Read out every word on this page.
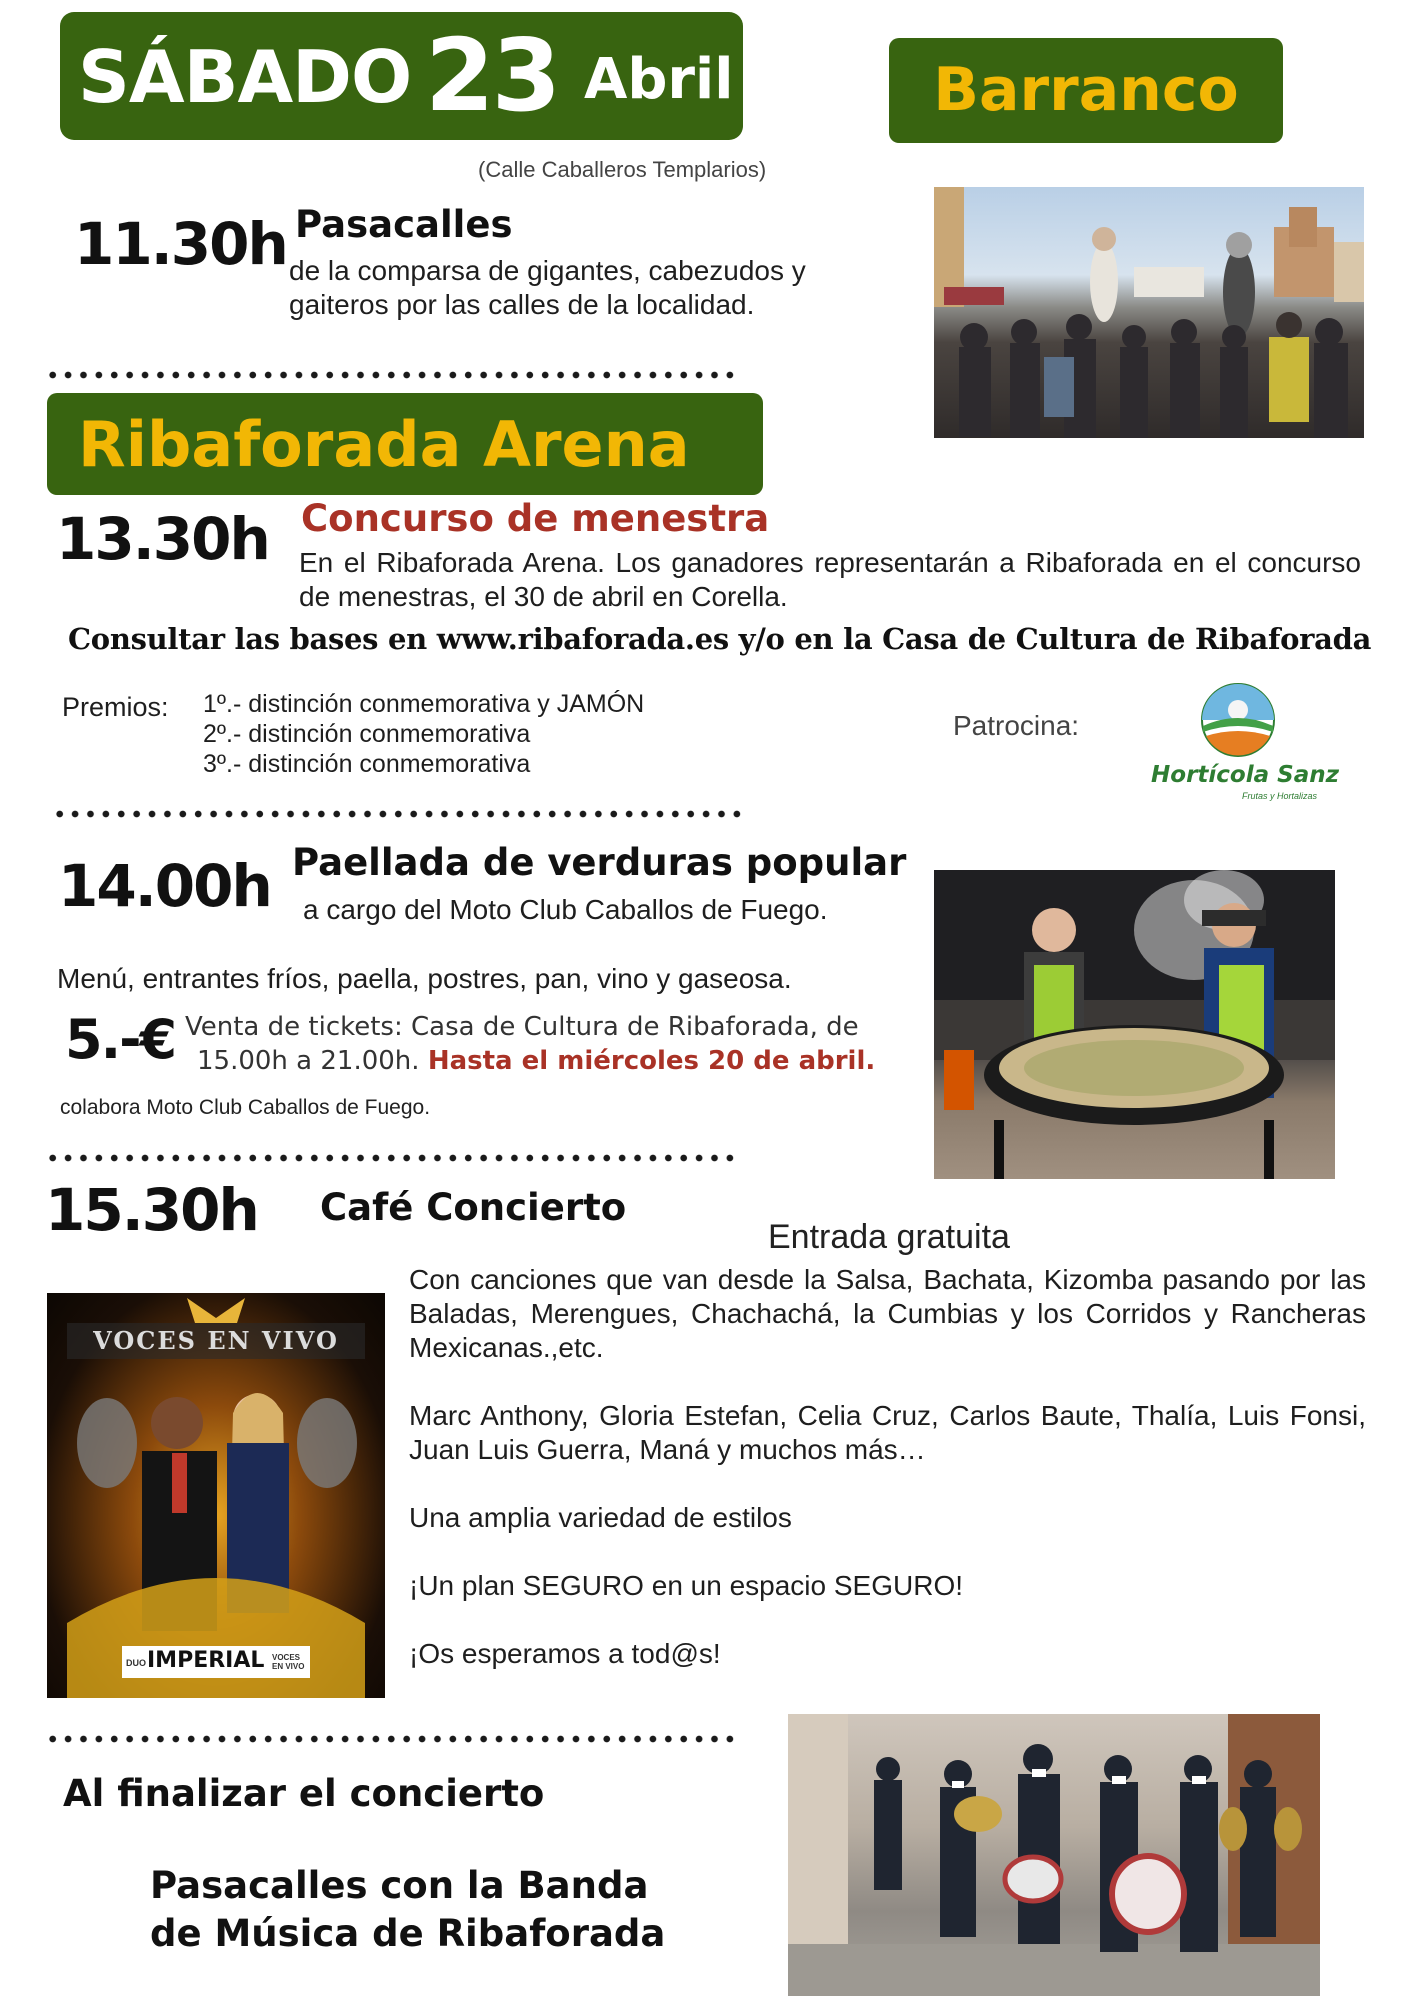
SÁBADO 23 Abril	Barranco
(Calle Caballeros Templarios)
11.30h Pasacalles
de la comparsa de gigantes, cabezudos y gaiteros por las calles de la localidad.
Ribaforada Arena
13.30h Concurso de menestra
En el Ribaforada Arena. Los ganadores representarán a Ribaforada en el concurso de menestras, el 30 de abril en Corella.
Consultar las bases en www.ribaforada.es y/o en la Casa de Cultura de Ribaforada
Premios: 1º.- distinción conmemorativa y JAMÓN
2º.- distinción conmemorativa
3º.- distinción conmemorativa
Patrocina:
Hortícola Sanz
Frutas y Hortalizas
14.00h Paellada de verduras popular
a cargo del Moto Club Caballos de Fuego.
Menú, entrantes fríos, paella, postres, pan, vino y gaseosa.
5.-€ Venta de tickets: Casa de Cultura de Ribaforada, de
15.00h a 21.00h. Hasta el miércoles 20 de abril.
colabora Moto Club Caballos de Fuego.
15.30h Café Concierto
Entrada gratuita
Con canciones que van desde la Salsa, Bachata, Kizomba pasando por las Baladas, Merengues, Chachachá, la Cumbias y los Corridos y Rancheras Mexicanas.,etc.
Marc Anthony, Gloria Estefan, Celia Cruz, Carlos Baute, Thalía, Luis Fonsi, Juan Luis Guerra, Maná y muchos más…
Una amplia variedad de estilos
¡Un plan SEGURO en un espacio SEGURO!
¡Os esperamos a tod@s!
VOCES EN VIVO
DUO IMPERIAL VOCES EN VIVO
Al finalizar el concierto
Pasacalles con la Banda de Música de Ribaforada
